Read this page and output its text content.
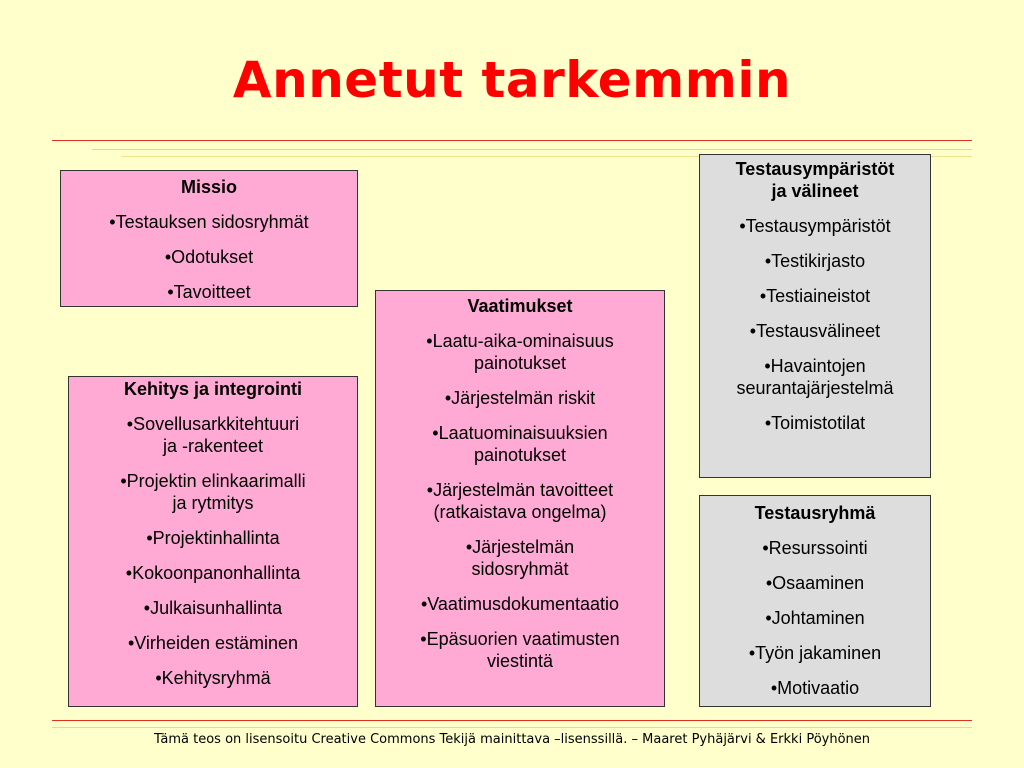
Annetut tarkemmin
Missio
•Testauksen sidosryhmät
•Odotukset
•Tavoitteet
Kehitys ja integrointi
•Sovellusarkkitehtuuri
ja -rakenteet
•Projektin elinkaarimalli
ja rytmitys
•Projektinhallinta
•Kokoonpanonhallinta
•Julkaisunhallinta
•Virheiden estäminen
•Kehitysryhmä
Vaatimukset
•Laatu-aika-ominaisuus
painotukset
•Järjestelmän riskit
•Laatuominaisuuksien
painotukset
•Järjestelmän tavoitteet
(ratkaistava ongelma)
•Järjestelmän
sidosryhmät
•Vaatimusdokumentaatio
•Epäsuorien vaatimusten
viestintä
Testausympäristöt
ja välineet
•Testausympäristöt
•Testikirjasto
•Testiaineistot
•Testausvälineet
•Havaintojen
seurantajärjestelmä
•Toimistotilat
Testausryhmä
•Resurssointi
•Osaaminen
•Johtaminen
•Työn jakaminen
•Motivaatio
Tämä teos on lisensoitu Creative Commons Tekijä mainittava –lisenssillä. – Maaret Pyhäjärvi & Erkki Pöyhönen
